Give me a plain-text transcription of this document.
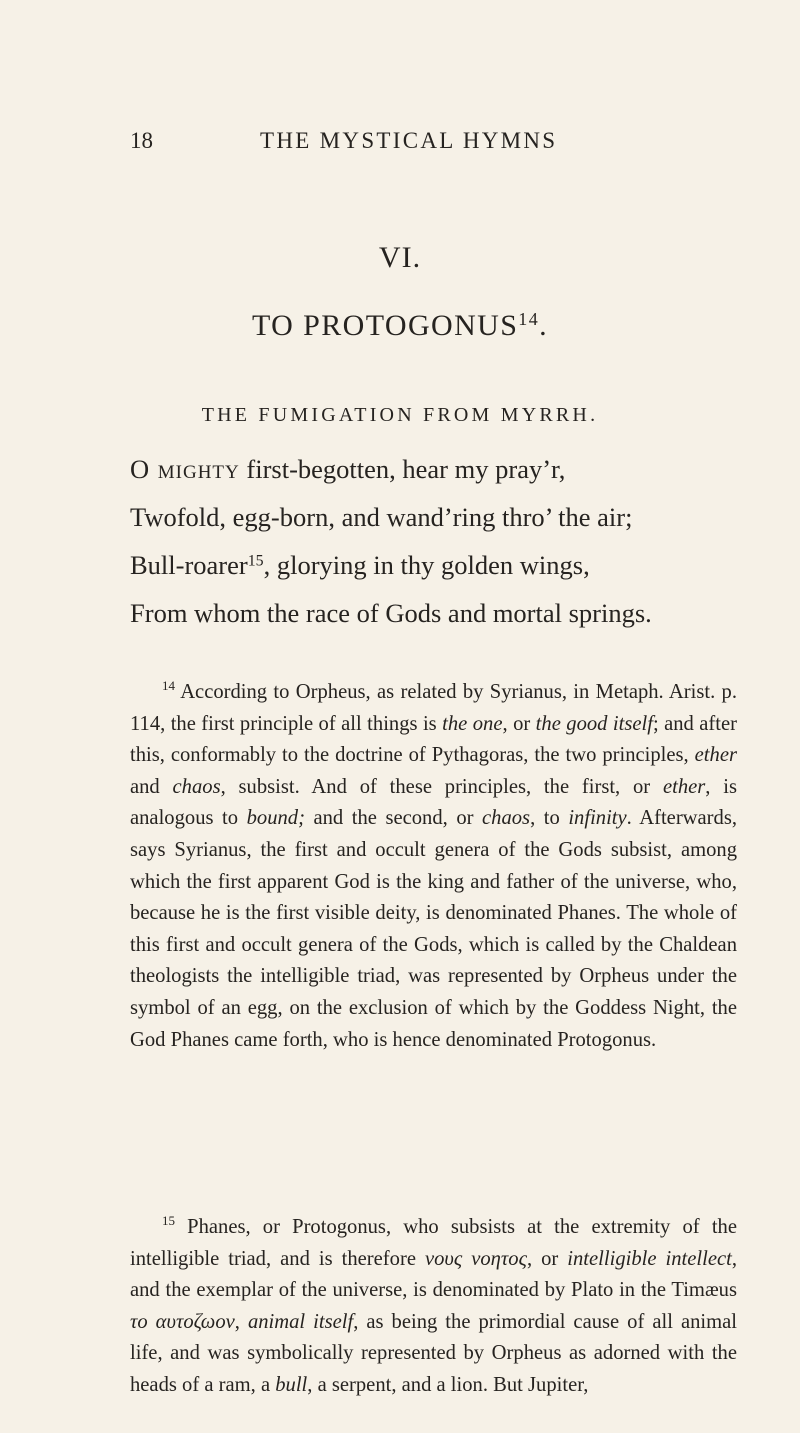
18	THE MYSTICAL HYMNS
VI.
TO PROTOGONUS$^{14}$.
THE FUMIGATION FROM MYRRH.
O mighty first-begotten, hear my pray’r,
Twofold, egg-born, and wand’ring thro’ the air;
Bull-roarer$^{15}$, glorying in thy golden wings,
From whom the race of Gods and mortal springs.

$^{14}$ According to Orpheus, as related by Syrianus, in Metaph. Arist. p. 114, the first principle of all things is the one, or the good itself; and after this, conformably to the doctrine of Pythagoras, the two principles, ether and chaos, subsist. And of these principles, the first, or ether, is analogous to bound; and the second, or chaos, to infinity. Afterwards, says Syrianus, the first and occult genera of the Gods subsist, among which the first apparent God is the king and father of the universe, who, because he is the first visible deity, is denominated Phanes. The whole of this first and occult genera of the Gods, which is called by the Chaldean theologists the intelligible triad, was represented by Orpheus under the symbol of an egg, on the exclusion of which by the Goddess Night, the God Phanes came forth, who is hence denominated Protogonus.

$^{15}$ Phanes, or Protogonus, who subsists at the extremity of the intelligible triad, and is therefore νους νοητος, or intelligible intellect, and the exemplar of the universe, is denominated by Plato in the Timæus το αυτοζωον, animal itself, as being the primordial cause of all animal life, and was symbolically represented by Orpheus as adorned with the heads of a ram, a bull, a serpent, and a lion. But Jupiter,
